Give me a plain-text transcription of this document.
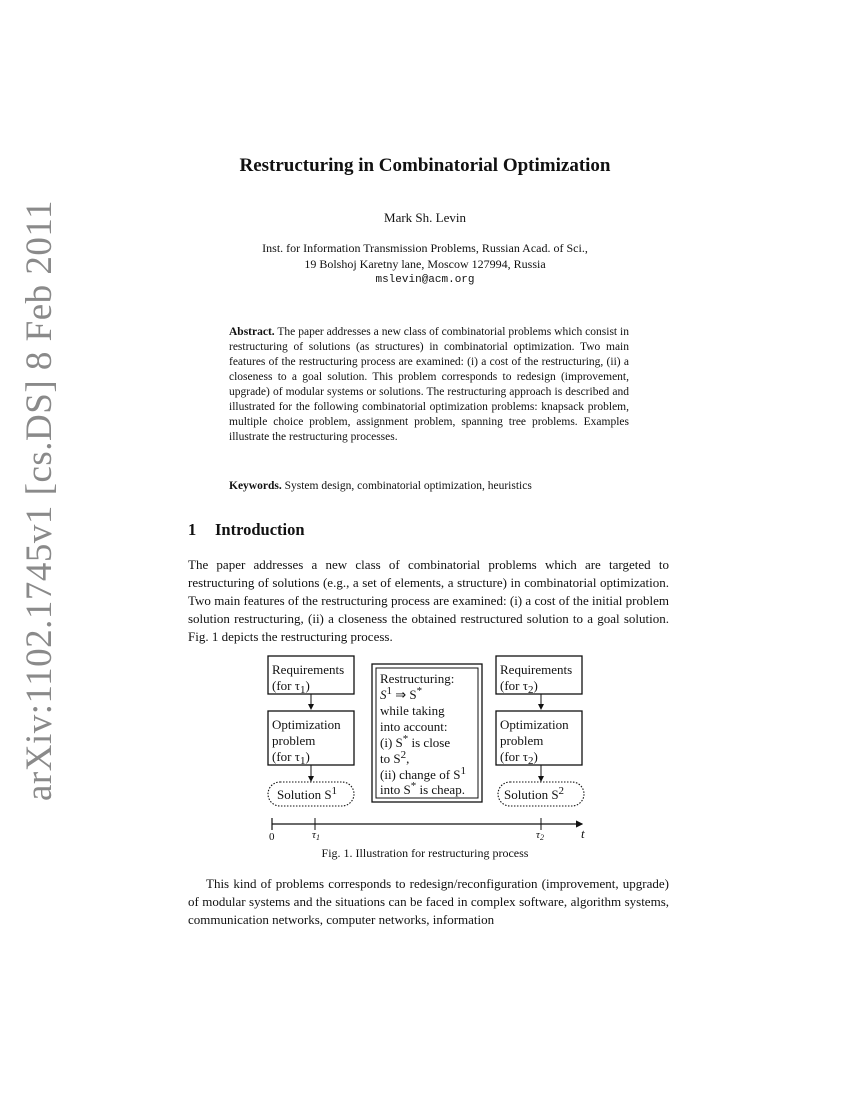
arXiv:1102.1745v1 [cs.DS] 8 Feb 2011
Restructuring in Combinatorial Optimization
Mark Sh. Levin
Inst. for Information Transmission Problems, Russian Acad. of Sci.,
19 Bolshoj Karetny lane, Moscow 127994, Russia
mslevin@acm.org
Abstract. The paper addresses a new class of combinatorial problems which consist in restructuring of solutions (as structures) in combinatorial optimization. Two main features of the restructuring process are examined: (i) a cost of the restructuring, (ii) a closeness to a goal solution. This problem corresponds to redesign (improvement, upgrade) of modular systems or solutions. The restructuring approach is described and illustrated for the following combinatorial optimization problems: knapsack problem, multiple choice problem, assignment problem, spanning tree problems. Examples illustrate the restructuring processes.
Keywords. System design, combinatorial optimization, heuristics
1 Introduction
The paper addresses a new class of combinatorial problems which are targeted to restructuring of solutions (e.g., a set of elements, a structure) in combinatorial optimization. Two main features of the restructuring process are examined: (i) a cost of the initial problem solution restructuring, (ii) a closeness the obtained restructured solution to a goal solution. Fig. 1 depicts the restructuring process.
Requirements
(for $\tau_1$)
Optimization
problem
(for $\tau_1$)
Solution $S^1$
Restructuring:
$S^1$ ⇒ S*
while taking
into account:
(i) S* is close
to $S^2$,
(ii) change of $S^1$
into S* is cheap.
Requirements
(for $\tau_2$)
Optimization
problem
(for $\tau_2$)
Solution $S^2$
0	τ1	τ2	t
Fig. 1. Illustration for restructuring process
This kind of problems corresponds to redesign/reconfiguration (improvement, upgrade) of modular systems and the situations can be faced in complex software, algorithm systems, communication networks, computer networks, information
